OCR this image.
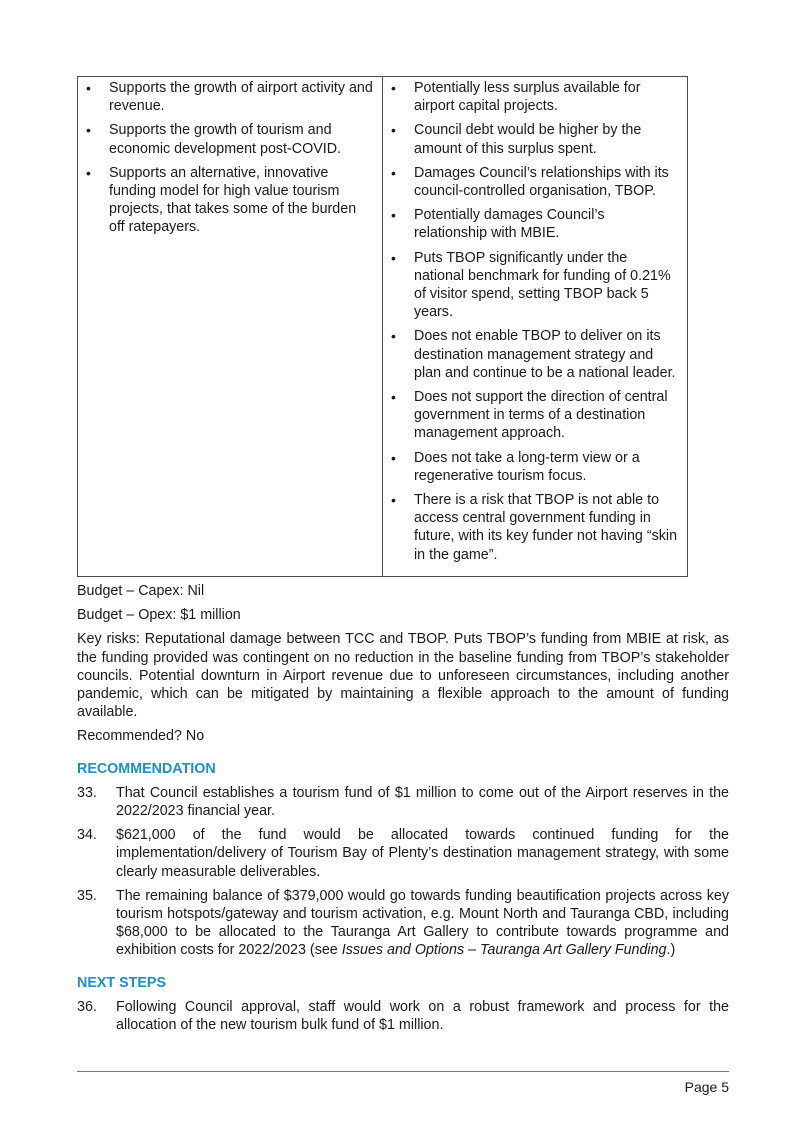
• Supports the growth of airport activity and revenue.
• Supports the growth of tourism and economic development post-COVID.
• Supports an alternative, innovative funding model for high value tourism projects, that takes some of the burden off ratepayers.

• Potentially less surplus available for airport capital projects.
• Council debt would be higher by the amount of this surplus spent.
• Damages Council’s relationships with its council-controlled organisation, TBOP.
• Potentially damages Council’s relationship with MBIE.
• Puts TBOP significantly under the national benchmark for funding of 0.21% of visitor spend, setting TBOP back 5 years.
• Does not enable TBOP to deliver on its destination management strategy and plan and continue to be a national leader.
• Does not support the direction of central government in terms of a destination management approach.
• Does not take a long-term view or a regenerative tourism focus.
• There is a risk that TBOP is not able to access central government funding in future, with its key funder not having “skin in the game”.

Budget – Capex: Nil

Budget – Opex: $1 million

Key risks: Reputational damage between TCC and TBOP. Puts TBOP’s funding from MBIE at risk, as the funding provided was contingent on no reduction in the baseline funding from TBOP’s stakeholder councils. Potential downturn in Airport revenue due to unforeseen circumstances, including another pandemic, which can be mitigated by maintaining a flexible approach to the amount of funding available.

Recommended? No

RECOMMENDATION

33. That Council establishes a tourism fund of $1 million to come out of the Airport reserves in the 2022/2023 financial year.

34. $621,000 of the fund would be allocated towards continued funding for the implementation/delivery of Tourism Bay of Plenty’s destination management strategy, with some clearly measurable deliverables.

35. The remaining balance of $379,000 would go towards funding beautification projects across key tourism hotspots/gateway and tourism activation, e.g. Mount North and Tauranga CBD, including $68,000 to be allocated to the Tauranga Art Gallery to contribute towards programme and exhibition costs for 2022/2023 (see Issues and Options – Tauranga Art Gallery Funding.)

NEXT STEPS

36. Following Council approval, staff would work on a robust framework and process for the allocation of the new tourism bulk fund of $1 million.

Page 5
